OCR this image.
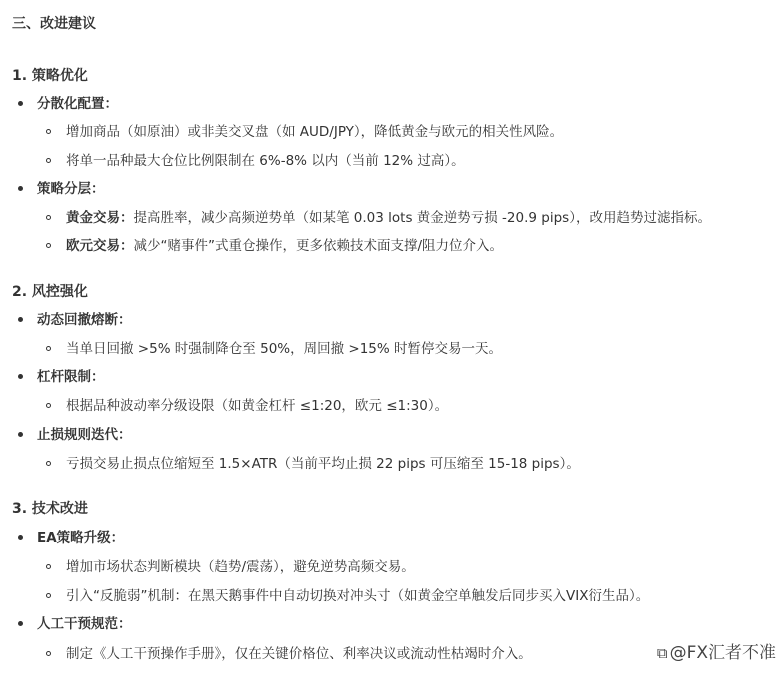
三、改进建议
1. 策略优化
分散化配置：
增加商品（如原油）或非美交叉盘（如 AUD/JPY），降低黄金与欧元的相关性风险。
将单一品种最大仓位比例限制在 6%-8% 以内（当前 12% 过高）。
策略分层：
黄金交易：提高胜率，减少高频逆势单（如某笔 0.03 lots 黄金逆势亏损 -20.9 pips），改用趋势过滤指标。
欧元交易：减少“赌事件”式重仓操作，更多依赖技术面支撑/阻力位介入。
2. 风控强化
动态回撤熔断：
当单日回撤 >5% 时强制降仓至 50%，周回撤 >15% 时暂停交易一天。
杠杆限制：
根据品种波动率分级设限（如黄金杠杆 ≤1:20，欧元 ≤1:30）。
止损规则迭代：
亏损交易止损点位缩短至 1.5×ATR（当前平均止损 22 pips 可压缩至 15-18 pips）。
3. 技术改进
EA策略升级：
增加市场状态判断模块（趋势/震荡），避免逆势高频交易。
引入“反脆弱”机制：在黑天鹅事件中自动切换对冲头寸（如黄金空单触发后同步买入VIX衍生品）。
人工干预规范：
制定《人工干预操作手册》，仅在关键价格位、利率决议或流动性枯竭时介入。	⧉ @FX汇者不准
